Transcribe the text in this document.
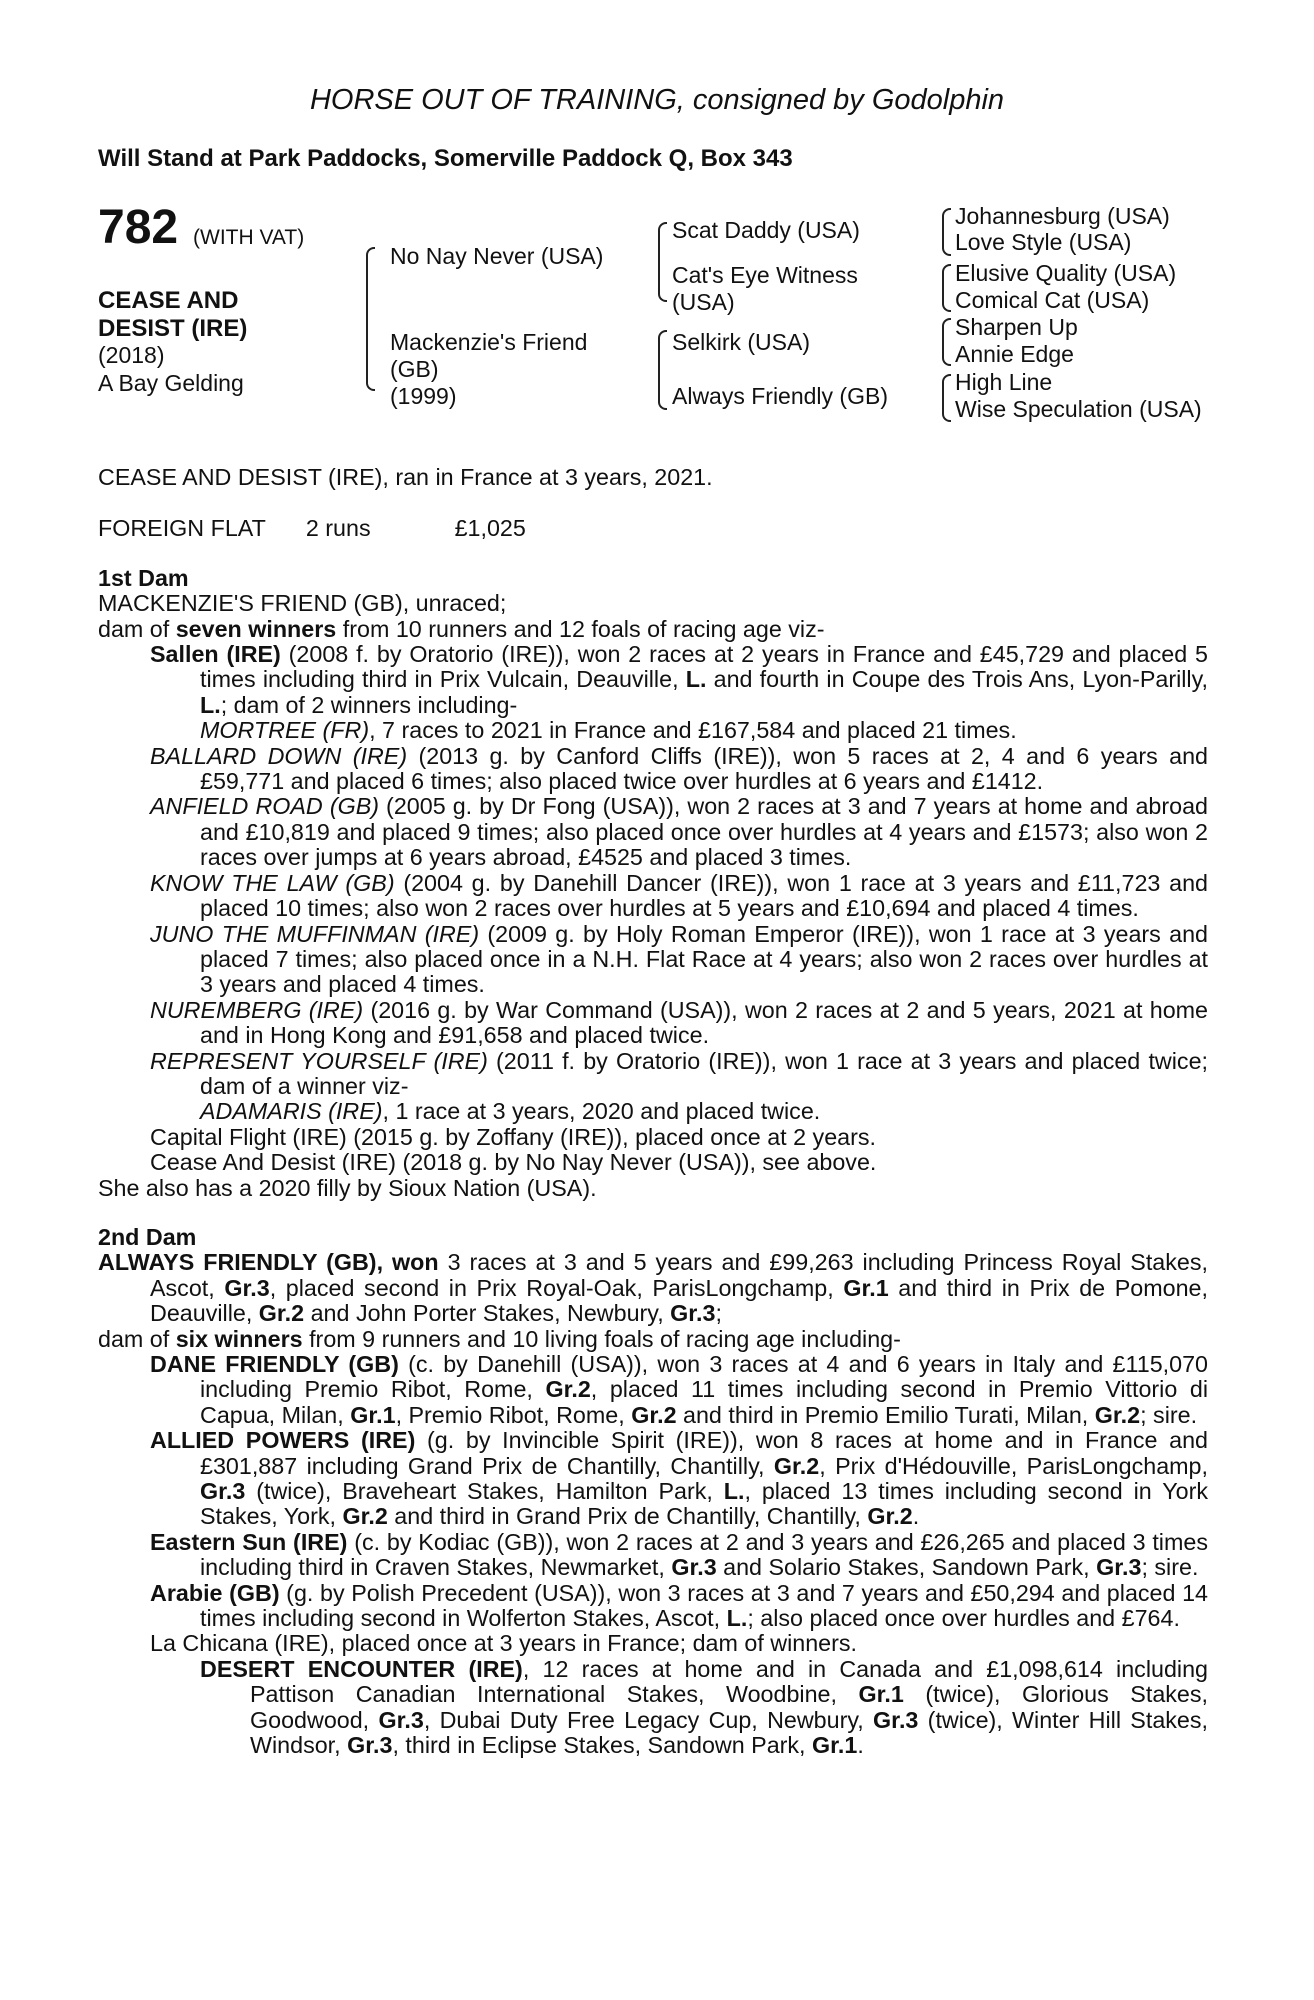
HORSE OUT OF TRAINING, consigned by Godolphin
Will Stand at Park Paddocks, Somerville Paddock Q, Box 343
782 (WITH VAT)
CEASE AND
DESIST (IRE)
(2018)
A Bay Gelding
No Nay Never (USA)
Mackenzie's Friend
(GB)
(1999)
Scat Daddy (USA)
Cat's Eye Witness
(USA)
Selkirk (USA)
Always Friendly (GB)
Johannesburg (USA)
Love Style (USA)
Elusive Quality (USA)
Comical Cat (USA)
Sharpen Up
Annie Edge
High Line
Wise Speculation (USA)

CEASE AND DESIST (IRE), ran in France at 3 years, 2021.

FOREIGN FLAT 2 runs	£1,025

1st Dam

MACKENZIE'S FRIEND (GB), unraced;

dam of seven winners from 10 runners and 12 foals of racing age viz-

Sallen (IRE) (2008 f. by Oratorio (IRE)), won 2 races at 2 years in France and £45,729 and placed 5 times including third in Prix Vulcain, Deauville, L. and fourth in Coupe des Trois Ans, Lyon-Parilly, L.; dam of 2 winners including-

MORTREE (FR), 7 races to 2021 in France and £167,584 and placed 21 times.

BALLARD DOWN (IRE) (2013 g. by Canford Cliffs (IRE)), won 5 races at 2, 4 and 6 years and £59,771 and placed 6 times; also placed twice over hurdles at 6 years and £1412.

ANFIELD ROAD (GB) (2005 g. by Dr Fong (USA)), won 2 races at 3 and 7 years at home and abroad and £10,819 and placed 9 times; also placed once over hurdles at 4 years and £1573; also won 2 races over jumps at 6 years abroad, £4525 and placed 3 times.

KNOW THE LAW (GB) (2004 g. by Danehill Dancer (IRE)), won 1 race at 3 years and £11,723 and placed 10 times; also won 2 races over hurdles at 5 years and £10,694 and placed 4 times.

JUNO THE MUFFINMAN (IRE) (2009 g. by Holy Roman Emperor (IRE)), won 1 race at 3 years and placed 7 times; also placed once in a N.H. Flat Race at 4 years; also won 2 races over hurdles at 3 years and placed 4 times.

NUREMBERG (IRE) (2016 g. by War Command (USA)), won 2 races at 2 and 5 years, 2021 at home and in Hong Kong and £91,658 and placed twice.

REPRESENT YOURSELF (IRE) (2011 f. by Oratorio (IRE)), won 1 race at 3 years and placed twice; dam of a winner viz-

ADAMARIS (IRE), 1 race at 3 years, 2020 and placed twice.

Capital Flight (IRE) (2015 g. by Zoffany (IRE)), placed once at 2 years.

Cease And Desist (IRE) (2018 g. by No Nay Never (USA)), see above.

She also has a 2020 filly by Sioux Nation (USA).

2nd Dam

ALWAYS FRIENDLY (GB), won 3 races at 3 and 5 years and £99,263 including Princess Royal Stakes, Ascot, Gr.3, placed second in Prix Royal-Oak, ParisLongchamp, Gr.1 and third in Prix de Pomone, Deauville, Gr.2 and John Porter Stakes, Newbury, Gr.3;

dam of six winners from 9 runners and 10 living foals of racing age including-

DANE FRIENDLY (GB) (c. by Danehill (USA)), won 3 races at 4 and 6 years in Italy and £115,070 including Premio Ribot, Rome, Gr.2, placed 11 times including second in Premio Vittorio di Capua, Milan, Gr.1, Premio Ribot, Rome, Gr.2 and third in Premio Emilio Turati, Milan, Gr.2; sire.

ALLIED POWERS (IRE) (g. by Invincible Spirit (IRE)), won 8 races at home and in France and £301,887 including Grand Prix de Chantilly, Chantilly, Gr.2, Prix d'Hédouville, ParisLongchamp, Gr.3 (twice), Braveheart Stakes, Hamilton Park, L., placed 13 times including second in York Stakes, York, Gr.2 and third in Grand Prix de Chantilly, Chantilly, Gr.2.

Eastern Sun (IRE) (c. by Kodiac (GB)), won 2 races at 2 and 3 years and £26,265 and placed 3 times including third in Craven Stakes, Newmarket, Gr.3 and Solario Stakes, Sandown Park, Gr.3; sire.

Arabie (GB) (g. by Polish Precedent (USA)), won 3 races at 3 and 7 years and £50,294 and placed 14 times including second in Wolferton Stakes, Ascot, L.; also placed once over hurdles and £764.

La Chicana (IRE), placed once at 3 years in France; dam of winners.

DESERT ENCOUNTER (IRE), 12 races at home and in Canada and £1,098,614 including Pattison Canadian International Stakes, Woodbine, Gr.1 (twice), Glorious Stakes, Goodwood, Gr.3, Dubai Duty Free Legacy Cup, Newbury, Gr.3 (twice), Winter Hill Stakes, Windsor, Gr.3, third in Eclipse Stakes, Sandown Park, Gr.1.
